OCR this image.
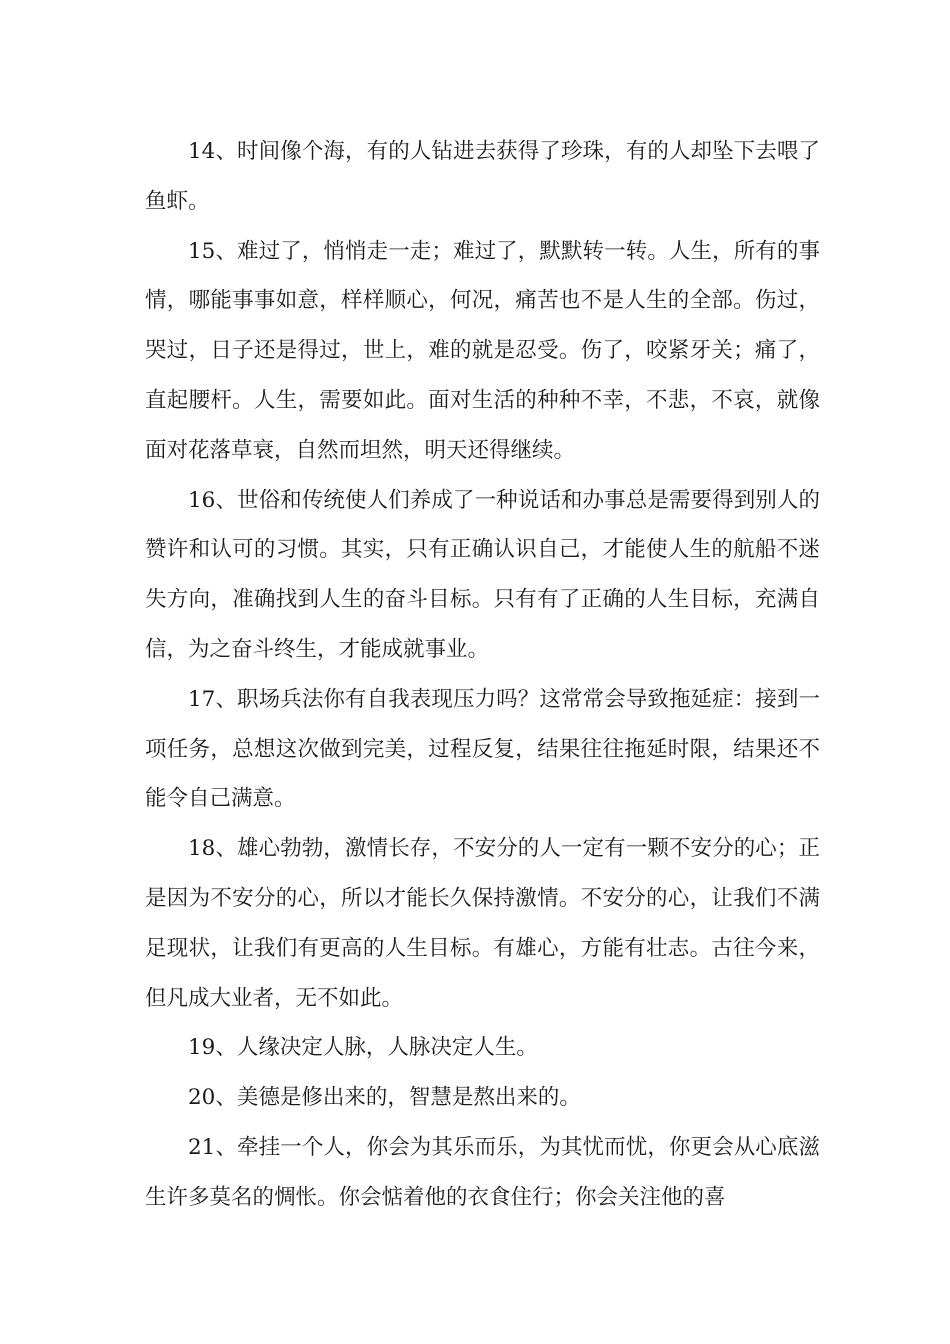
14、时间像个海，有的人钻进去获得了珍珠，有的人却坠下去喂了鱼虾。

15、难过了，悄悄走一走；难过了，默默转一转。人生，所有的事情，哪能事事如意，样样顺心，何况，痛苦也不是人生的全部。伤过，哭过，日子还是得过，世上，难的就是忍受。伤了，咬紧牙关；痛了，直起腰杆。人生，需要如此。面对生活的种种不幸，不悲，不哀，就像面对花落草衰，自然而坦然，明天还得继续。

16、世俗和传统使人们养成了一种说话和办事总是需要得到别人的赞许和认可的习惯。其实，只有正确认识自己，才能使人生的航船不迷失方向，准确找到人生的奋斗目标。只有有了正确的人生目标，充满自信，为之奋斗终生，才能成就事业。

17、职场兵法你有自我表现压力吗？这常常会导致拖延症：接到一项任务，总想这次做到完美，过程反复，结果往往拖延时限，结果还不能令自己满意。

18、雄心勃勃，激情长存，不安分的人一定有一颗不安分的心；正是因为不安分的心，所以才能长久保持激情。不安分的心，让我们不满足现状，让我们有更高的人生目标。有雄心，方能有壮志。古往今来，但凡成大业者，无不如此。

19、人缘决定人脉，人脉决定人生。

20、美德是修出来的，智慧是熬出来的。

21、牵挂一个人，你会为其乐而乐，为其忧而忧，你更会从心底滋生许多莫名的惆怅。你会惦着他的衣食住行；你会关注他的喜
